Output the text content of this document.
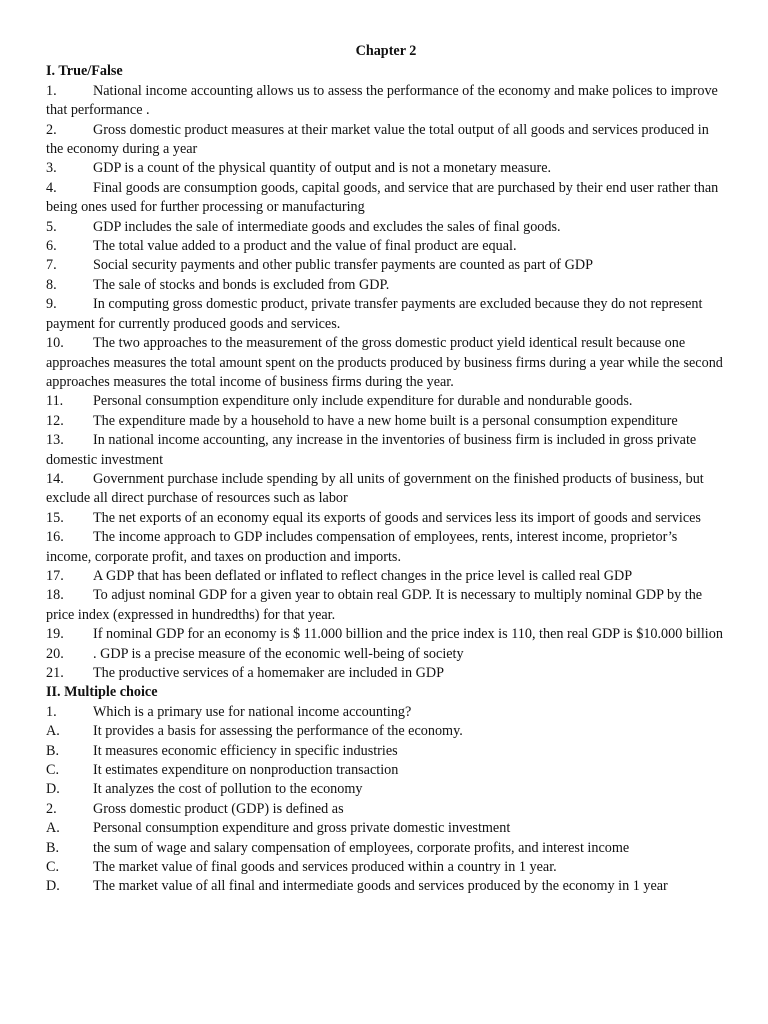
Chapter 2
I. True/False
1.	National income accounting allows us to assess the performance of the economy and make polices to improve that performance .
2.	Gross domestic product measures at their market value the total output of all goods and services produced in the economy during a year
3.	GDP is a count of the physical quantity of output and is not a monetary measure.
4.	Final goods are consumption goods, capital goods, and service that are purchased by their end user rather than being ones used for further processing or manufacturing
5.	GDP includes the sale of intermediate goods and excludes the sales of final goods.
6.	The total value added to a product and the value of final product are equal.
7.	Social security payments and other public transfer payments are counted as part of GDP
8.	The sale of stocks and bonds is excluded from GDP.
9.	In computing gross domestic product, private transfer payments are excluded because they do not represent payment for currently produced goods and services.
10. The two approaches to the measurement of the gross domestic product yield identical result because one approaches measures the total amount spent on the products produced by business firms during a year while the second approaches measures the total income of business firms during the year.
11. Personal consumption expenditure only include expenditure for durable and nondurable goods.
12. The expenditure made by a household to have a new home built is a personal consumption expenditure
13. In national income accounting, any increase in the inventories of business firm is included in gross private domestic investment
14. Government purchase include spending by all units of government on the finished products of business, but exclude all direct purchase of resources such as labor
15. The net exports of an economy equal its exports of goods and services less its import of goods and services
16. The income approach to GDP includes compensation of employees, rents, interest income, proprietor’s income, corporate profit, and taxes on production and imports.
17. A GDP that has been deflated or inflated to reflect changes in the price level is called real GDP
18. To adjust nominal GDP for a given year to obtain real GDP. It is necessary to multiply nominal GDP by the price index (expressed in hundredths) for that year.
19. If nominal GDP for an economy is $ 11.000 billion and the price index is 110, then real GDP is $10.000 billion
20. . GDP is a precise measure of the economic well-being of society
21. The productive services of a homemaker are included in GDP
II. Multiple choice
1.	Which is a primary use for national income accounting?
A. It provides a basis for assessing the performance of the economy.
B. It measures economic efficiency in specific industries
C. It estimates expenditure on nonproduction transaction
D. It analyzes the cost of pollution to the economy
2.	Gross domestic product (GDP) is defined as
A. Personal consumption expenditure and gross private domestic investment
B. the sum of wage and salary compensation of employees, corporate profits, and interest income
C. The market value of final goods and services produced within a country in 1 year.
D. The market value of all final and intermediate goods and services produced by the economy in 1 year
